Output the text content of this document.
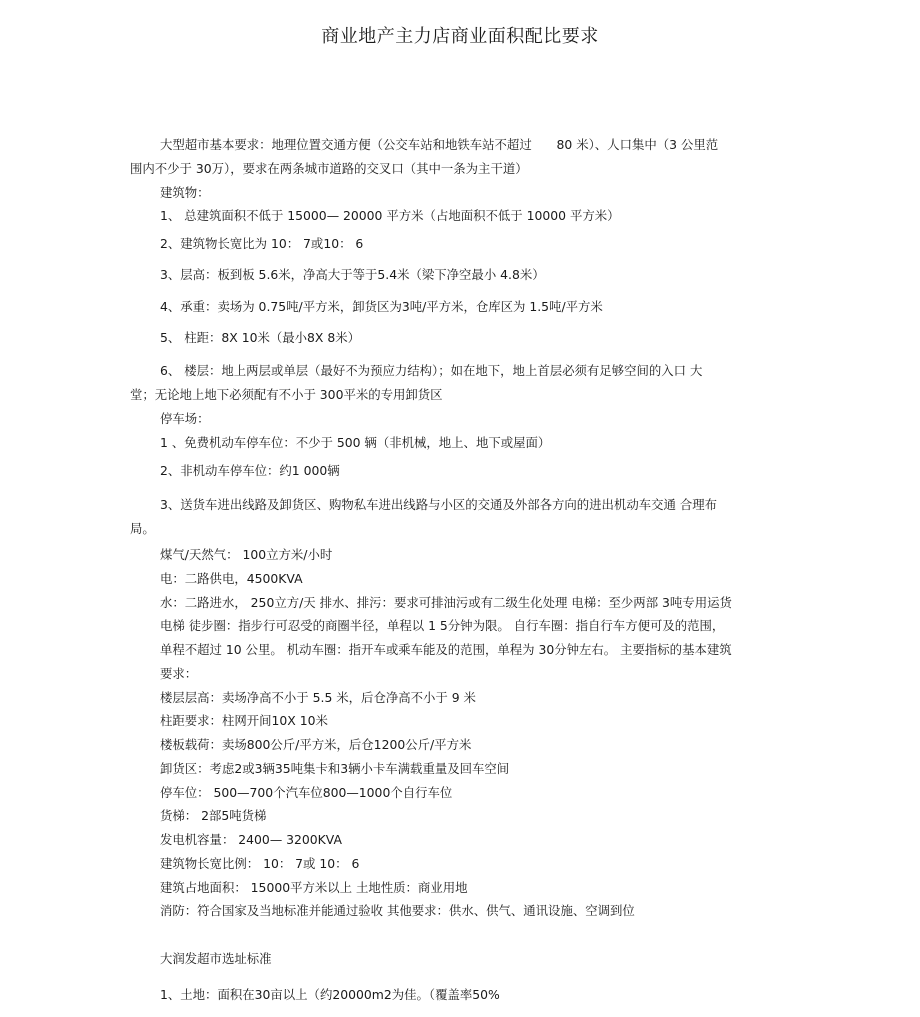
商业地产主力店商业面积配比要求
大型超市基本要求：地理位置交通方便（公交车站和地铁车站不超过　　80 米）、人口集中（3 公里范
围内不少于 30万），要求在两条城市道路的交叉口（其中一条为主干道）
建筑物：
1、 总建筑面积不低于 15000— 20000 平方米（占地面积不低于 10000 平方米）
2、建筑物长宽比为 10： 7或10： 6
3、层高：板到板 5.6米，净高大于等于5.4米（梁下净空最小 4.8米）
4、承重：卖场为 0.75吨/平方米，卸货区为3吨/平方米，仓库区为 1.5吨/平方米
5、 柱距：8X 10米（最小8X 8米）
6、 楼层：地上两层或单层（最好不为预应力结构）；如在地下，地上首层必须有足够空间的入口 大
堂；无论地上地下必须配有不小于 300平米的专用卸货区
停车场：
1 、免费机动车停车位：不少于 500 辆（非机械，地上、地下或屋面）
2、非机动车停车位：约1 000辆
3、送货车进出线路及卸货区、购物私车进出线路与小区的交通及外部各方向的进出机动车交通 合理布
局。
煤气/天然气： 100立方米/小时
电：二路供电，4500KVA
水：二路进水， 250立方/天 排水、排污：要求可排油污或有二级生化处理 电梯：至少两部 3吨专用运货
电梯 徒步圈：指步行可忍受的商圈半径，单程以 1 5分钟为限。 自行车圈：指自行车方便可及的范围，
单程不超过 10 公里。 机动车圈：指开车或乘车能及的范围，单程为 30分钟左右。 主要指标的基本建筑
要求：
楼层层高：卖场净高不小于 5.5 米，后仓净高不小于 9 米
柱距要求：柱网开间10X 10米
楼板载荷：卖场800公斤/平方米，后仓1200公斤/平方米
卸货区：考虑2或3辆35吨集卡和3辆小卡车满载重量及回车空间
停车位： 500—700个汽车位800—1000个自行车位
货梯： 2部5吨货梯
发电机容量： 2400— 3200KVA
建筑物长宽比例： 10： 7或 10： 6
建筑占地面积： 15000平方米以上 土地性质：商业用地
消防：符合国家及当地标准并能通过验收 其他要求：供水、供气、通讯设施、空调到位
大润发超市选址标准
1、土地：面积在30亩以上（约20000m2为佳。（覆盖率50%
